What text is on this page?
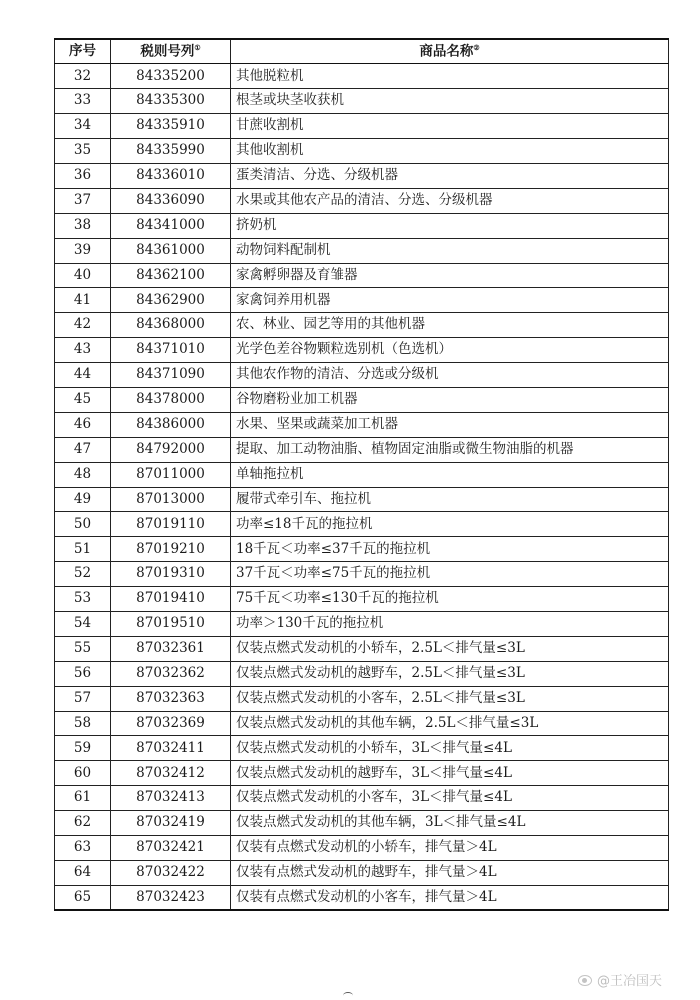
序号	税则号列①	商品名称②
32	84335200	其他脱粒机
33	84335300	根茎或块茎收获机
34	84335910	甘蔗收割机
35	84335990	其他收割机
36	84336010	蛋类清洁、分选、分级机器
37	84336090	水果或其他农产品的清洁、分选、分级机器
38	84341000	挤奶机
39	84361000	动物饲料配制机
40	84362100	家禽孵卵器及育雏器
41	84362900	家禽饲养用机器
42	84368000	农、林业、园艺等用的其他机器
43	84371010	光学色差谷物颗粒选别机（色选机）
44	84371090	其他农作物的清洁、分选或分级机
45	84378000	谷物磨粉业加工机器
46	84386000	水果、坚果或蔬菜加工机器
47	84792000	提取、加工动物油脂、植物固定油脂或微生物油脂的机器
48	87011000	单轴拖拉机
49	87013000	履带式牵引车、拖拉机
50	87019110	功率≤18千瓦的拖拉机
51	87019210	18千瓦＜功率≤37千瓦的拖拉机
52	87019310	37千瓦＜功率≤75千瓦的拖拉机
53	87019410	75千瓦＜功率≤130千瓦的拖拉机
54	87019510	功率＞130千瓦的拖拉机
55	87032361	仅装点燃式发动机的小轿车，2.5L＜排气量≤3L
56	87032362	仅装点燃式发动机的越野车，2.5L＜排气量≤3L
57	87032363	仅装点燃式发动机的小客车，2.5L＜排气量≤3L
58	87032369	仅装点燃式发动机的其他车辆，2.5L＜排气量≤3L
59	87032411	仅装点燃式发动机的小轿车，3L＜排气量≤4L
60	87032412	仅装点燃式发动机的越野车，3L＜排气量≤4L
61	87032413	仅装点燃式发动机的小客车，3L＜排气量≤4L
62	87032419	仅装点燃式发动机的其他车辆，3L＜排气量≤4L
63	87032421	仅装有点燃式发动机的小轿车，排气量＞4L
64	87032422	仅装有点燃式发动机的越野车，排气量＞4L
65	87032423	仅装有点燃式发动机的小客车，排气量＞4L
@王冶国天
